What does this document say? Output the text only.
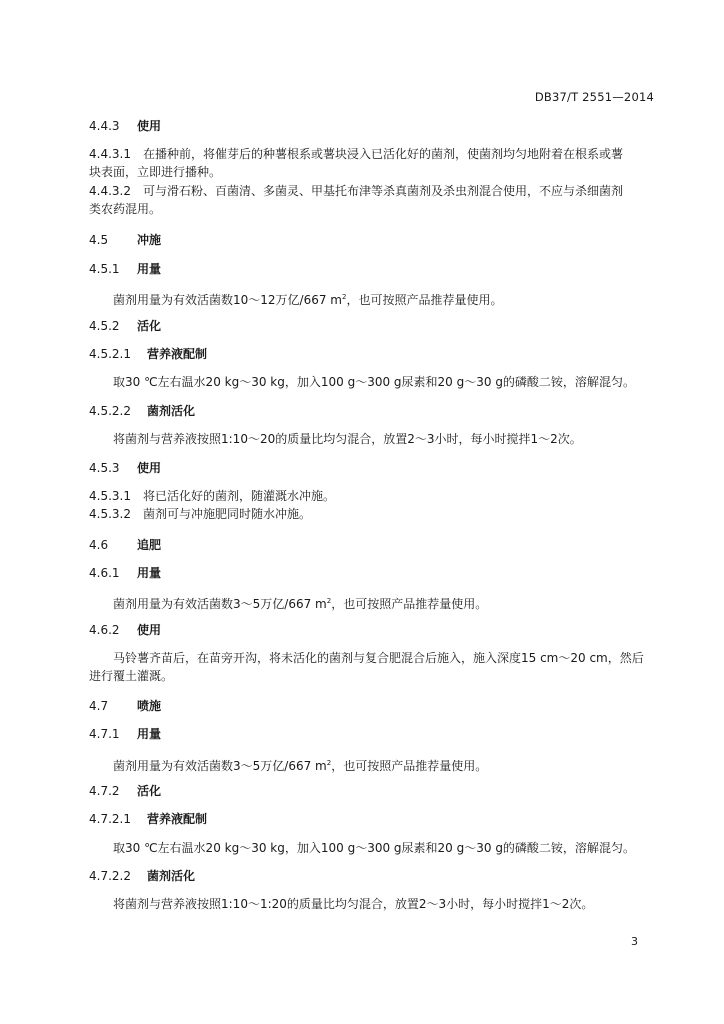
DB37/T 2551—2014
4.4.3 使用
4.4.3.1 在播种前，将催芽后的种薯根系或薯块浸入已活化好的菌剂，使菌剂均匀地附着在根系或薯
块表面，立即进行播种。
4.4.3.2 可与滑石粉、百菌清、多菌灵、甲基托布津等杀真菌剂及杀虫剂混合使用，不应与杀细菌剂
类农药混用。
4.5 冲施
4.5.1 用量
菌剂用量为有效活菌数10～12万亿/667 $m^2$，也可按照产品推荐量使用。
4.5.2 活化
4.5.2.1 营养液配制
取30 ℃左右温水20 kg～30 kg，加入100 g～300 g尿素和20 g～30 g的磷酸二铵，溶解混匀。
4.5.2.2 菌剂活化
将菌剂与营养液按照1:10～20的质量比均匀混合，放置2～3小时，每小时搅拌1～2次。
4.5.3 使用
4.5.3.1 将已活化好的菌剂，随灌溉水冲施。
4.5.3.2 菌剂可与冲施肥同时随水冲施。
4.6 追肥
4.6.1 用量
菌剂用量为有效活菌数3～5万亿/667 $m^2$，也可按照产品推荐量使用。
4.6.2 使用
马铃薯齐苗后，在苗旁开沟，将未活化的菌剂与复合肥混合后施入，施入深度15 cm～20 cm，然后
进行覆土灌溉。
4.7 喷施
4.7.1 用量
菌剂用量为有效活菌数3～5万亿/667 $m^2$，也可按照产品推荐量使用。
4.7.2 活化
4.7.2.1 营养液配制
取30 ℃左右温水20 kg～30 kg，加入100 g～300 g尿素和20 g～30 g的磷酸二铵，溶解混匀。
4.7.2.2 菌剂活化
将菌剂与营养液按照1:10～1:20的质量比均匀混合，放置2～3小时，每小时搅拌1～2次。
3
